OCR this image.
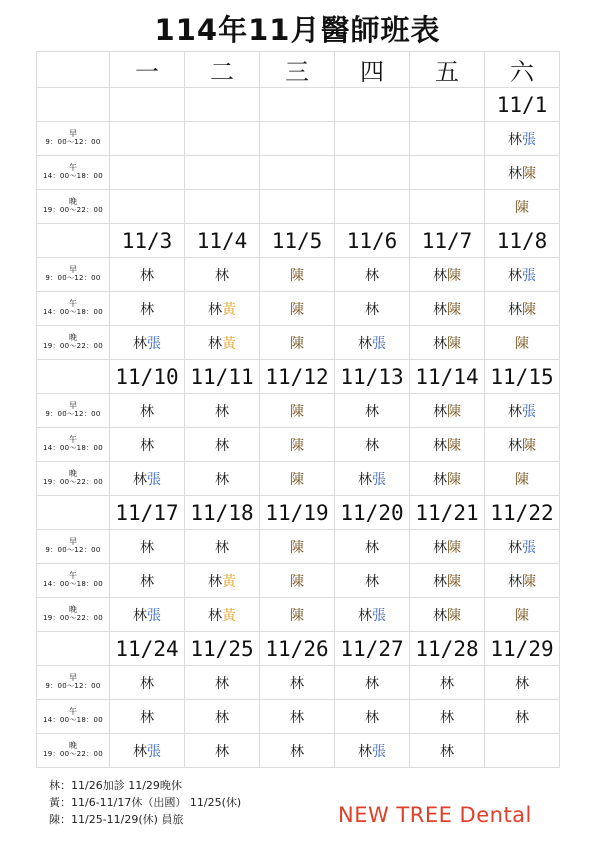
114年11月醫師班表
	一	二	三	四	五	六
						11/1

早
9：00～12：00						林張

午
14：00～18：00						林陳

晚
19：00～22：00						陳
	11/3	11/4	11/5	11/6	11/7	11/8

早
9：00～12：00	林	林	陳	林	林陳	林張

午
14：00～18：00	林	林黃	陳	林	林陳	林陳

晚
19：00～22：00	林張	林黃	陳	林張	林陳	陳
	11/10	11/11	11/12	11/13	11/14	11/15

早
9：00～12：00	林	林	陳	林	林陳	林張

午
14：00～18：00	林	林	陳	林	林陳	林陳

晚
19：00～22：00	林張	林	陳	林張	林陳	陳
	11/17	11/18	11/19	11/20	11/21	11/22

早
9：00～12：00	林	林	陳	林	林陳	林張

午
14：00～18：00	林	林黃	陳	林	林陳	林陳

晚
19：00～22：00	林張	林黃	陳	林張	林陳	陳
	11/24	11/25	11/26	11/27	11/28	11/29

早
9：00～12：00	林	林	林	林	林	林

午
14：00～18：00	林	林	林	林	林	林

晚
19：00～22：00	林張	林	林	林張	林	
林：11/26加診 11/29晚休
黃：11/6-11/17休（出國） 11/25(休)
陳：11/25-11/29(休) 員旅	NEW TREE Dental
